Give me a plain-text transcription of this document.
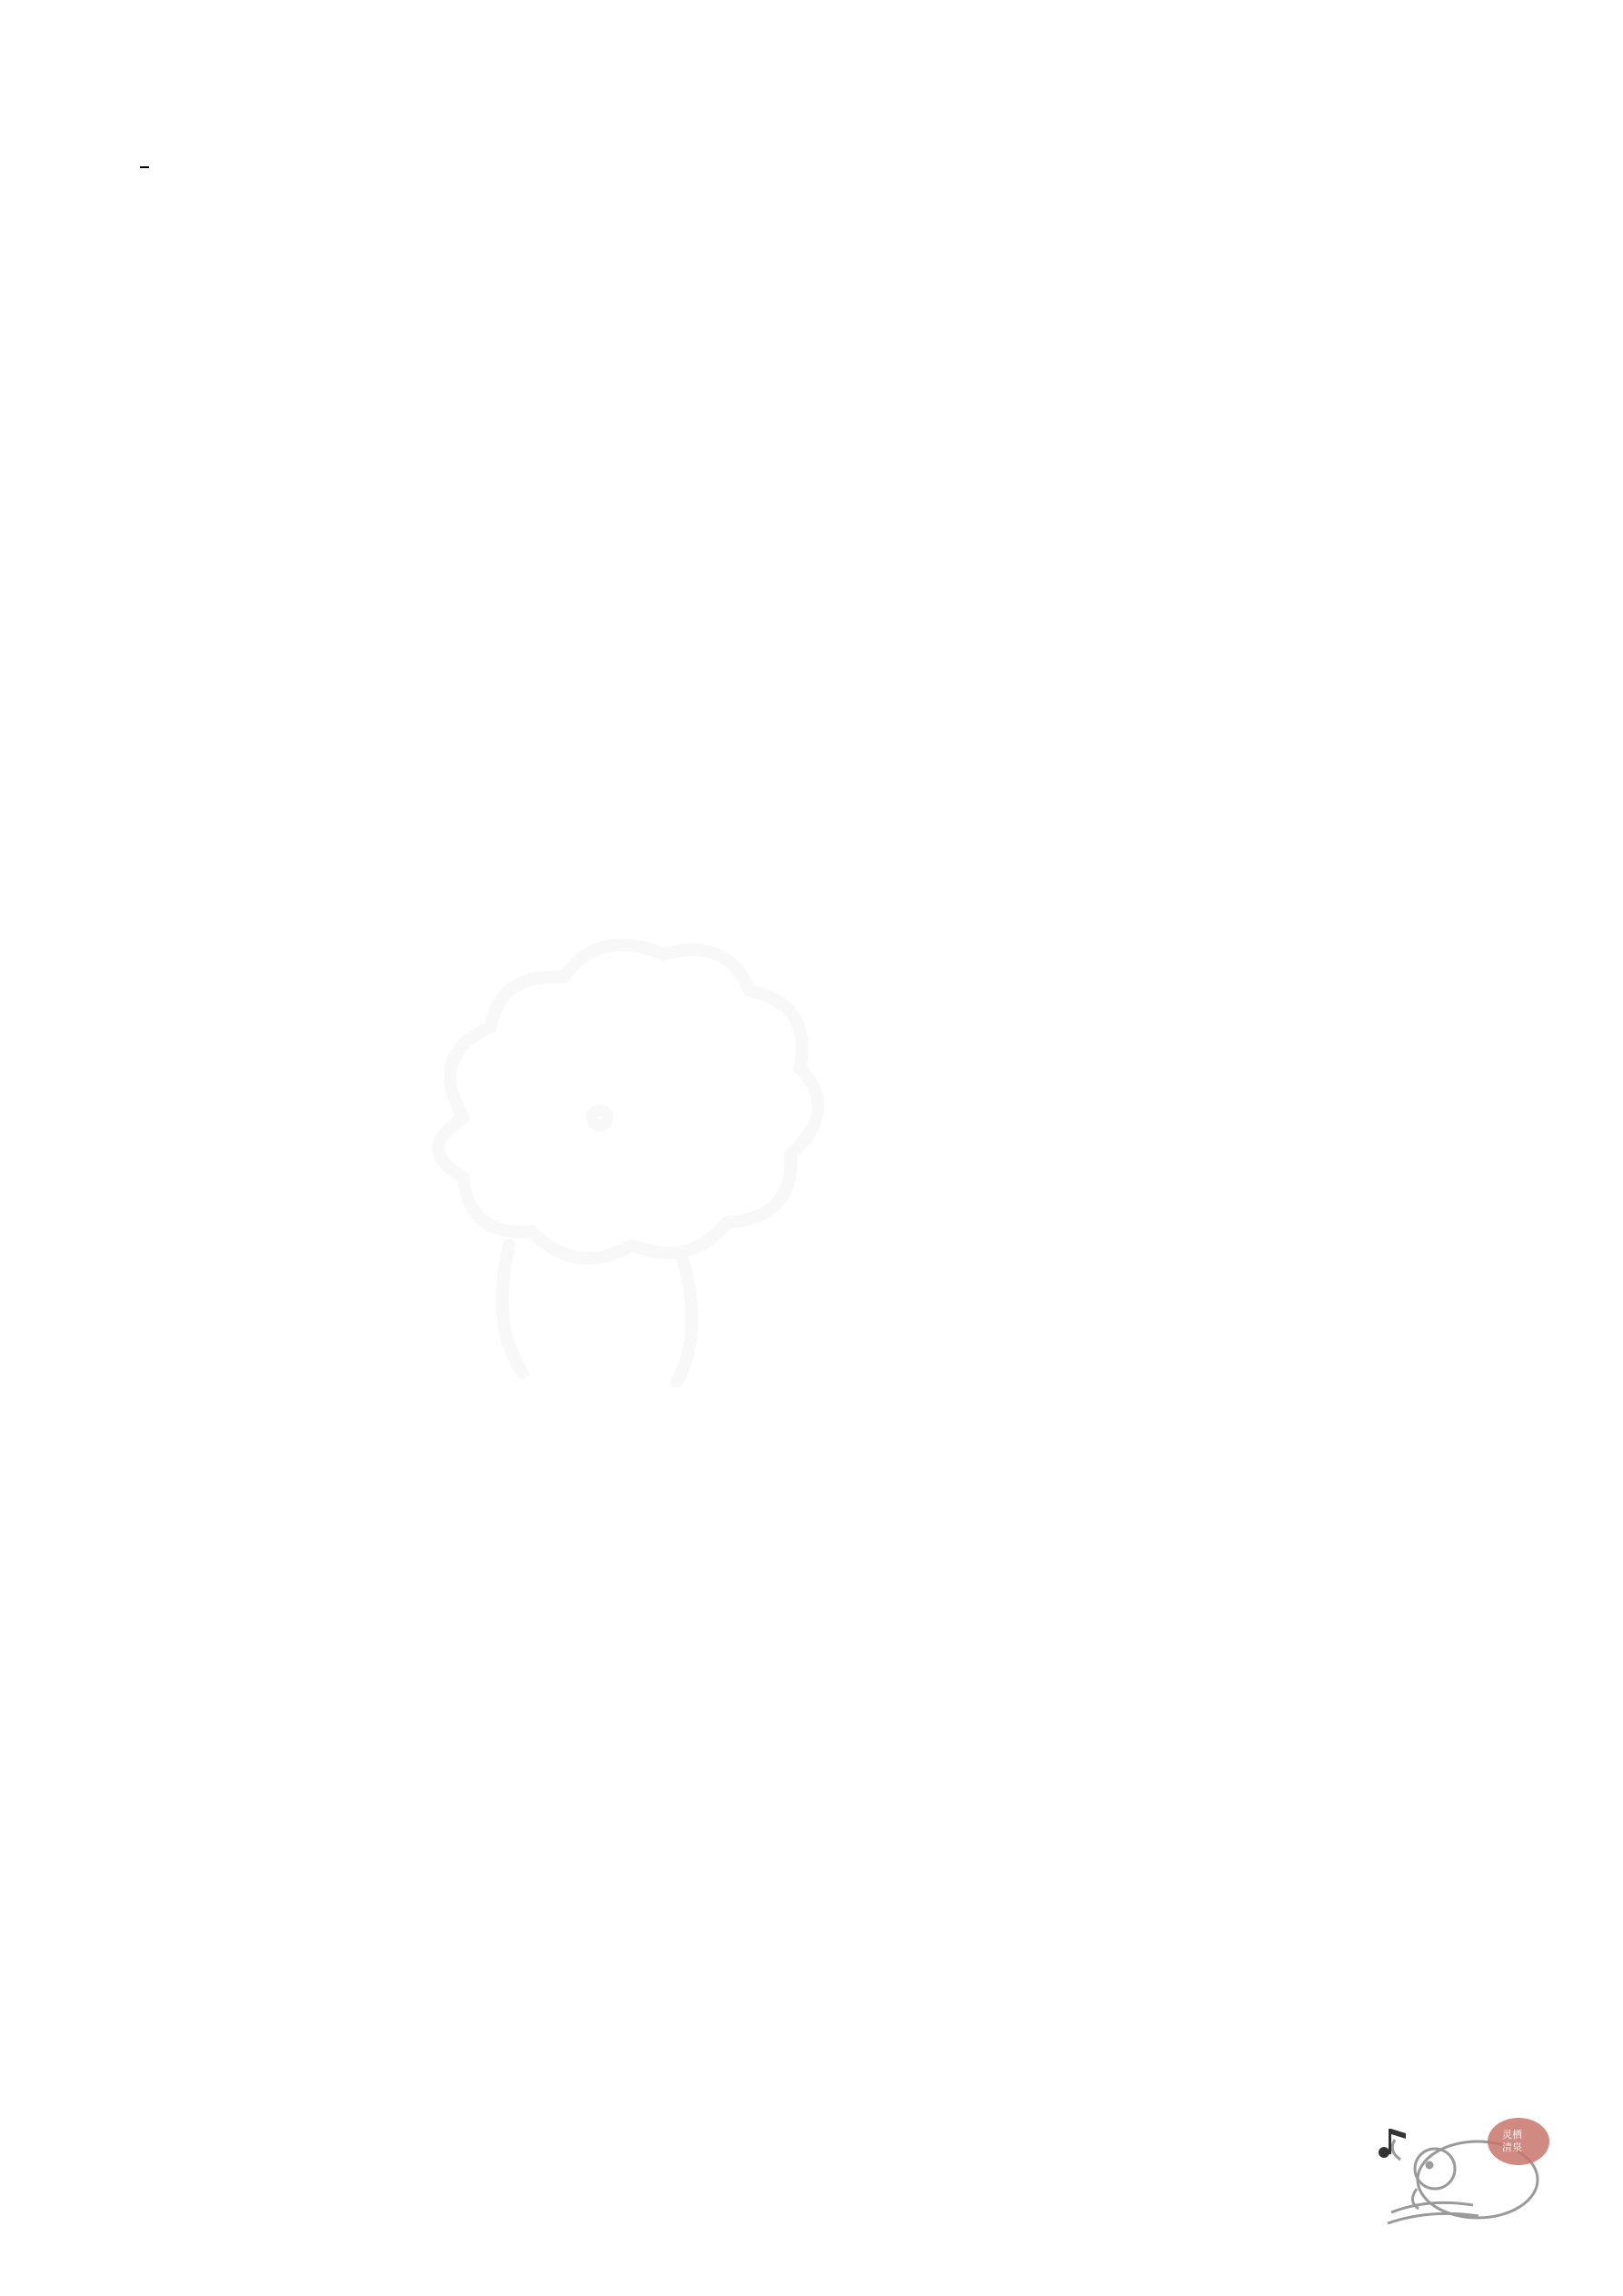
灵栖
清泉
